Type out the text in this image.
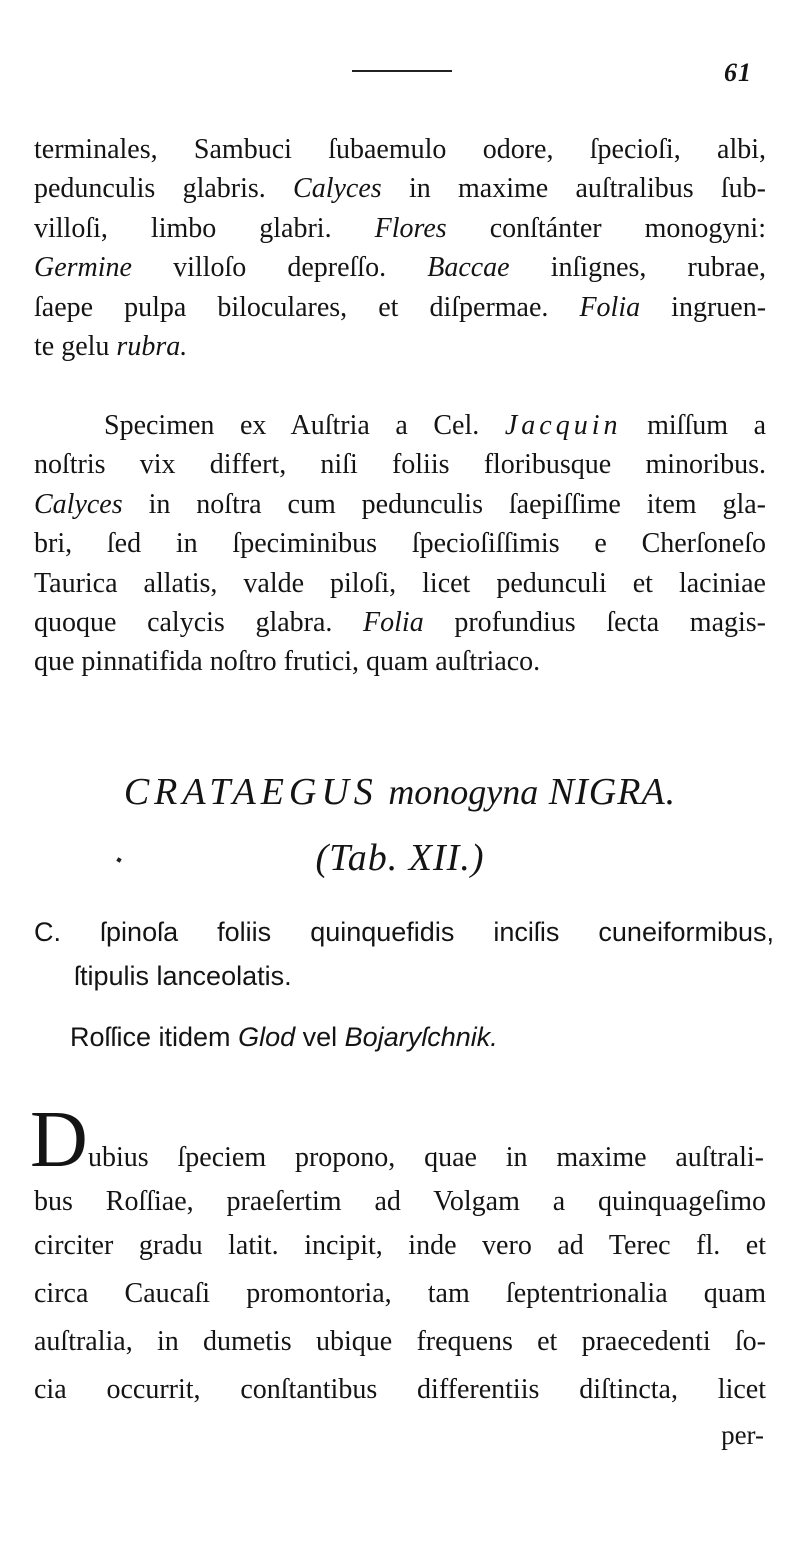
61
terminales, Sambuci ſubaemulo odore, ſpecioſi, albi,
pedunculis glabris. Calyces in maxime auſtralibus ſub-
villoſi, limbo glabri. Flores conſtánter monogyni:
Germine villoſo depreſſo. Baccae inſignes, rubrae,
ſaepe pulpa biloculares, et diſpermae. Folia ingruen-
te gelu rubra.
Specimen ex Auſtria a Cel. Jacquin miſſum a
noſtris vix differt, niſi foliis floribusque minoribus.
Calyces in noſtra cum pedunculis ſaepiſſime item gla-
bri, ſed in ſpeciminibus ſpecioſiſſimis e Cherſoneſo
Taurica allatis, valde piloſi, licet pedunculi et laciniae
quoque calycis glabra. Folia profundius ſecta magis-
que pinnatifida noſtro frutici, quam auſtriaco.
CRATAEGUS monogyna NIGRA.
(Tab. XII.)
C. ſpinoſa foliis quinquefidis inciſis cuneiformibus,
ſtipulis lanceolatis.
Roſſice itidem Glod vel Bojaryſchnik.
D ubius ſpeciem propono, quae in maxime auſtrali-
bus Roſſiae, praeſertim ad Volgam a quinquageſimo
circiter gradu latit. incipit, inde vero ad Terec fl. et
circa Caucaſi promontoria, tam ſeptentrionalia quam
auſtralia, in dumetis ubique frequens et praecedenti ſo-
cia occurrit, conſtantibus differentiis diſtincta, licet
per-
